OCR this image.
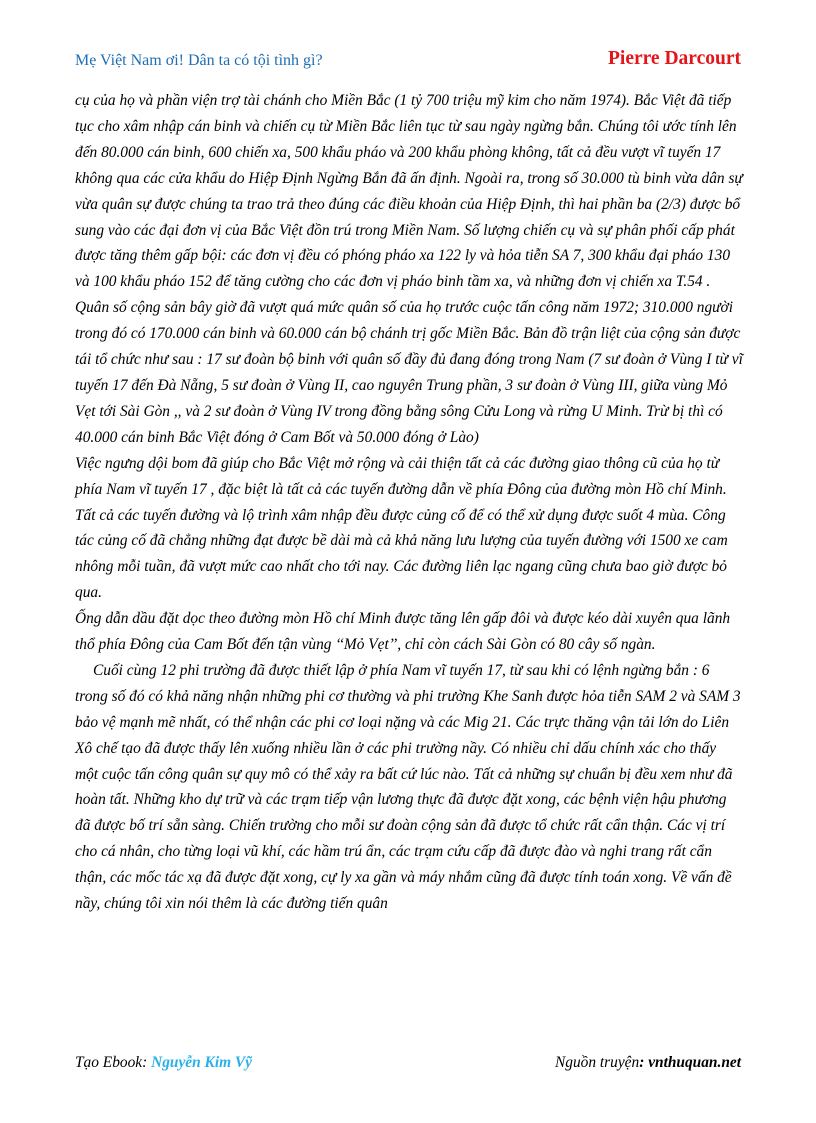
Mẹ Việt Nam ơi! Dân ta có tội tình gì?	Pierre Darcourt

cụ của họ và phần viện trợ tài chánh cho Miền Bắc (1 tỷ 700 triệu mỹ kim cho năm 1974). Bắc Việt đã tiếp tục cho xâm nhập cán binh và chiến cụ từ Miền Bắc liên tục từ sau ngày ngừng bắn. Chúng tôi ước tính lên đến 80.000 cán binh, 600 chiến xa, 500 khẩu pháo và 200 khẩu phòng không, tất cả đều vượt vĩ tuyến 17 không qua các cửa khẩu do Hiệp Định Ngừng Bắn đã ấn định. Ngoài ra, trong số 30.000 tù binh vừa dân sự vừa quân sự được chúng ta trao trả theo đúng các điều khoản của Hiệp Định, thì hai phần ba (2/3) được bổ sung vào các đại đơn vị của Bắc Việt đồn trú trong Miền Nam. Số lượng chiến cụ và sự phân phối cấp phát được tăng thêm gấp bội: các đơn vị đều có phóng pháo xa 122 ly và hỏa tiễn SA 7, 300 khẩu đại pháo 130 và 100 khẩu pháo 152 để tăng cường cho các đơn vị pháo binh tầm xa, và những đơn vị chiến xa T.54 . Quân số cộng sản bây giờ đã vượt quá mức quân số của họ trước cuộc tấn công năm 1972; 310.000 người trong đó có 170.000 cán binh và 60.000 cán bộ chánh trị gốc Miền Bắc. Bản đồ trận liệt của cộng sản được tái tổ chức như sau : 17 sư đoàn bộ binh với quân số đầy đủ đang đóng trong Nam (7 sư đoàn ở Vùng I từ vĩ tuyến 17 đến Đà Nẵng, 5 sư đoàn ở Vùng II, cao nguyên Trung phần, 3 sư đoàn ở Vùng III, giữa vùng Mỏ Vẹt tới Sài Gòn ,, và 2 sư đoàn ở Vùng IV trong đồng bằng sông Cửu Long và rừng U Minh. Trừ bị thì có 40.000 cán binh Bắc Việt đóng ở Cam Bốt và 50.000 đóng ở Lào)

Việc ngưng dội bom đã giúp cho Bắc Việt mở rộng và cải thiện tất cả các đường giao thông cũ của họ từ phía Nam vĩ tuyến 17 , đặc biệt là tất cả các tuyến đường dẫn về phía Đông của đường mòn Hồ chí Minh.

Tất cả các tuyến đường và lộ trình xâm nhập đều được củng cố để có thể xử dụng được suốt 4 mùa. Công tác củng cố đã chẳng những đạt được bề dài mà cả khả năng lưu lượng của tuyến đường với 1500 xe cam nhông mỗi tuần, đã vượt mức cao nhất cho tới nay. Các đường liên lạc ngang cũng chưa bao giờ được bỏ qua.

Ống dẫn dầu đặt dọc theo đường mòn Hồ chí Minh được tăng lên gấp đôi và được kéo dài xuyên qua lãnh thổ phía Đông của Cam Bốt đến tận vùng ‘‘Mỏ Vẹt’’, chỉ còn cách Sài Gòn có 80 cây số ngàn.

Cuối cùng 12 phi trường đã được thiết lập ở phía Nam vĩ tuyến 17, từ sau khi có lệnh ngừng bắn : 6 trong số đó có khả năng nhận những phi cơ thường và phi trường Khe Sanh được hỏa tiễn SAM 2 và SAM 3 bảo vệ mạnh mẽ nhất, có thể nhận các phi cơ loại nặng và các Mig 21. Các trực thăng vận tải lớn do Liên Xô chế tạo đã được thấy lên xuống nhiều lần ở các phi trường nầy. Có nhiều chỉ dấu chính xác cho thấy một cuộc tấn công quân sự quy mô có thể xảy ra bất cứ lúc nào. Tất cả những sự chuẩn bị đều xem như đã hoàn tất. Những kho dự trữ và các trạm tiếp vận lương thực đã được đặt xong, các bệnh viện hậu phương đã được bố trí sẵn sàng. Chiến trường cho mỗi sư đoàn cộng sản đã được tổ chức rất cẩn thận. Các vị trí cho cá nhân, cho từng loại vũ khí, các hầm trú ẩn, các trạm cứu cấp đã được đào và nghi trang rất cẩn thận, các mốc tác xạ đã được đặt xong, cự ly xa gần và máy nhắm cũng đã được tính toán xong. Về vấn đề nầy, chúng tôi xin nói thêm là các đường tiến quân

Tạo Ebook: Nguyễn Kim Vỹ	Nguồn truyện: vnthuquan.net
